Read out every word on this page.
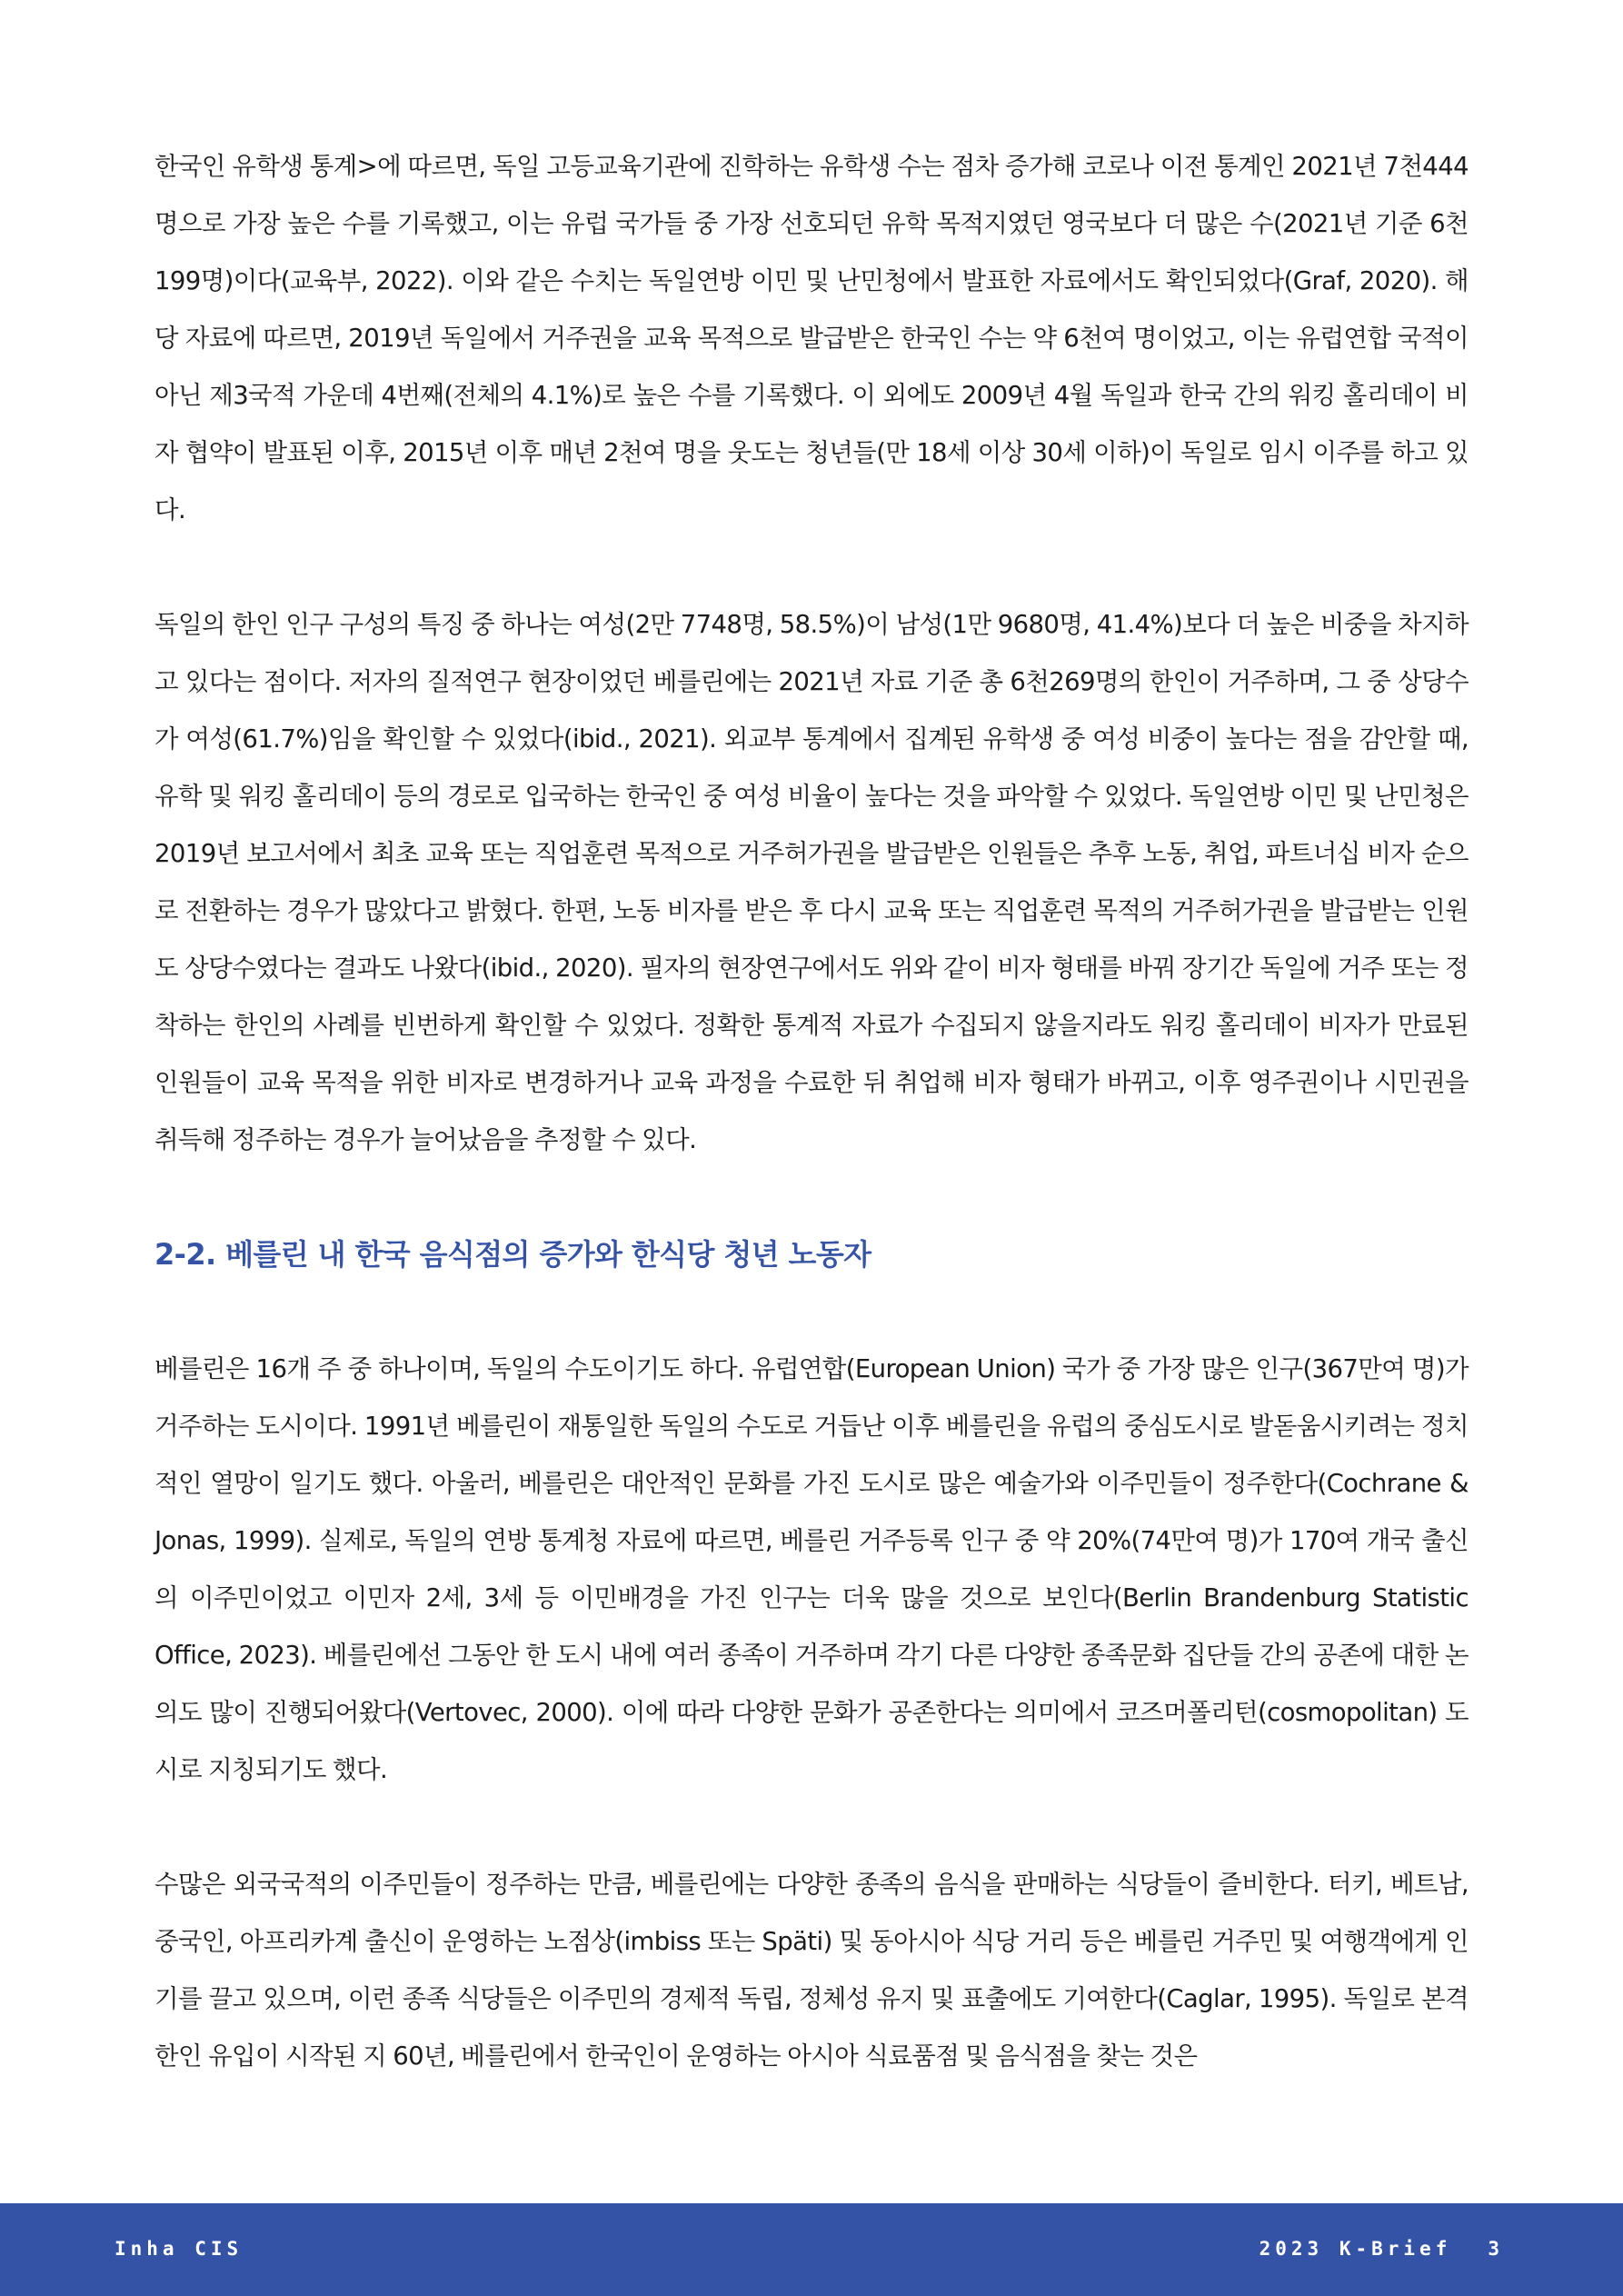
한국인 유학생 통계>에 따르면, 독일 고등교육기관에 진학하는 유학생 수는 점차 증가해 코로나 이전 통계인 2021년 7천444명으로 가장 높은 수를 기록했고, 이는 유럽 국가들 중 가장 선호되던 유학 목적지였던 영국보다 더 많은 수(2021년 기준 6천199명)이다(교육부, 2022). 이와 같은 수치는 독일연방 이민 및 난민청에서 발표한 자료에서도 확인되었다(Graf, 2020). 해당 자료에 따르면, 2019년 독일에서 거주권을 교육 목적으로 발급받은 한국인 수는 약 6천여 명이었고, 이는 유럽연합 국적이 아닌 제3국적 가운데 4번째(전체의 4.1%)로 높은 수를 기록했다. 이 외에도 2009년 4월 독일과 한국 간의 워킹 홀리데이 비자 협약이 발표된 이후, 2015년 이후 매년 2천여 명을 웃도는 청년들(만 18세 이상 30세 이하)이 독일로 임시 이주를 하고 있다.

독일의 한인 인구 구성의 특징 중 하나는 여성(2만 7748명, 58.5%)이 남성(1만 9680명, 41.4%)보다 더 높은 비중을 차지하고 있다는 점이다. 저자의 질적연구 현장이었던 베를린에는 2021년 자료 기준 총 6천269명의 한인이 거주하며, 그 중 상당수가 여성(61.7%)임을 확인할 수 있었다(ibid., 2021). 외교부 통계에서 집계된 유학생 중 여성 비중이 높다는 점을 감안할 때, 유학 및 워킹 홀리데이 등의 경로로 입국하는 한국인 중 여성 비율이 높다는 것을 파악할 수 있었다. 독일연방 이민 및 난민청은 2019년 보고서에서 최초 교육 또는 직업훈련 목적으로 거주허가권을 발급받은 인원들은 추후 노동, 취업, 파트너십 비자 순으로 전환하는 경우가 많았다고 밝혔다. 한편, 노동 비자를 받은 후 다시 교육 또는 직업훈련 목적의 거주허가권을 발급받는 인원도 상당수였다는 결과도 나왔다(ibid., 2020). 필자의 현장연구에서도 위와 같이 비자 형태를 바꿔 장기간 독일에 거주 또는 정착하는 한인의 사례를 빈번하게 확인할 수 있었다. 정확한 통계적 자료가 수집되지 않을지라도 워킹 홀리데이 비자가 만료된 인원들이 교육 목적을 위한 비자로 변경하거나 교육 과정을 수료한 뒤 취업해 비자 형태가 바뀌고, 이후 영주권이나 시민권을 취득해 정주하는 경우가 늘어났음을 추정할 수 있다.

2-2. 베를린 내 한국 음식점의 증가와 한식당 청년 노동자

베를린은 16개 주 중 하나이며, 독일의 수도이기도 하다. 유럽연합(European Union) 국가 중 가장 많은 인구(367만여 명)가 거주하는 도시이다. 1991년 베를린이 재통일한 독일의 수도로 거듭난 이후 베를린을 유럽의 중심도시로 발돋움시키려는 정치적인 열망이 일기도 했다. 아울러, 베를린은 대안적인 문화를 가진 도시로 많은 예술가와 이주민들이 정주한다(Cochrane & Jonas, 1999). 실제로, 독일의 연방 통계청 자료에 따르면, 베를린 거주등록 인구 중 약 20%(74만여 명)가 170여 개국 출신의 이주민이었고 이민자 2세, 3세 등 이민배경을 가진 인구는 더욱 많을 것으로 보인다(Berlin Brandenburg Statistic Office, 2023). 베를린에선 그동안 한 도시 내에 여러 종족이 거주하며 각기 다른 다양한 종족문화 집단들 간의 공존에 대한 논의도 많이 진행되어왔다(Vertovec, 2000). 이에 따라 다양한 문화가 공존한다는 의미에서 코즈머폴리턴(cosmopolitan) 도시로 지칭되기도 했다.

수많은 외국국적의 이주민들이 정주하는 만큼, 베를린에는 다양한 종족의 음식을 판매하는 식당들이 즐비한다. 터키, 베트남, 중국인, 아프리카계 출신이 운영하는 노점상(imbiss 또는 Späti) 및 동아시아 식당 거리 등은 베를린 거주민 및 여행객에게 인기를 끌고 있으며, 이런 종족 식당들은 이주민의 경제적 독립, 정체성 유지 및 표출에도 기여한다(Caglar, 1995). 독일로 본격 한인 유입이 시작된 지 60년, 베를린에서 한국인이 운영하는 아시아 식료품점 및 음식점을 찾는 것은

Inha CIS	2023 K-Brief 3
